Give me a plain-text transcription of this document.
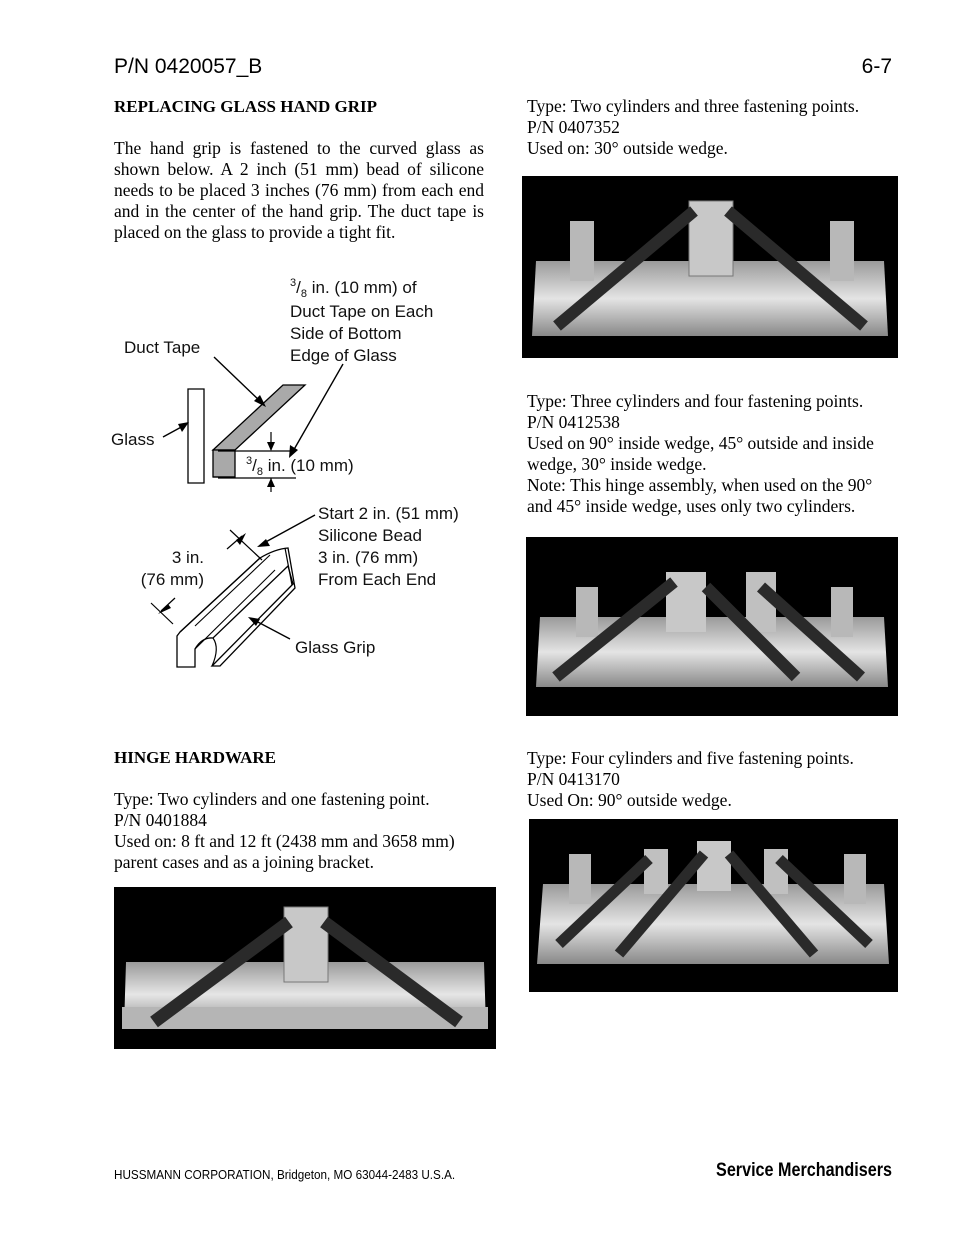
P/N 0420057_B	6-7

REPLACING GLASS HAND GRIP

The hand grip is fastened to the curved glass as shown below. A 2 inch (51 mm) bead of silicone needs to be placed 3 inches (76 mm) from each end and in the center of the hand grip. The duct tape is placed on the glass to provide a tight fit.

$^3/_8$ in. (10 mm) of
Duct Tape on Each
Side of Bottom
Edge of Glass
Duct Tape
Glass
$^3/_8$ in. (10 mm)
Start 2 in. (51 mm)
Silicone Bead
3 in. (76 mm)
From Each End
3 in.
(76 mm)
Glass Grip

HINGE HARDWARE

Type: Two cylinders and one fastening point.

P/N 0401884

Used on: 8 ft and 12 ft (2438 mm and 3658 mm) parent cases and as a joining bracket.

Type: Two cylinders and three fastening points.

P/N 0407352

Used on: 30° outside wedge.

Type: Three cylinders and four fastening points.

P/N 0412538

Used on 90° inside wedge, 45° outside and inside wedge, 30° inside wedge.

Note: This hinge assembly, when used on the 90° and 45° inside wedge, uses only two cylinders.

Type: Four cylinders and five fastening points.

P/N 0413170

Used On: 90° outside wedge.

HUSSMANN CORPORATION, Bridgeton, MO 63044-2483 U.S.A.	Service Merchandisers
